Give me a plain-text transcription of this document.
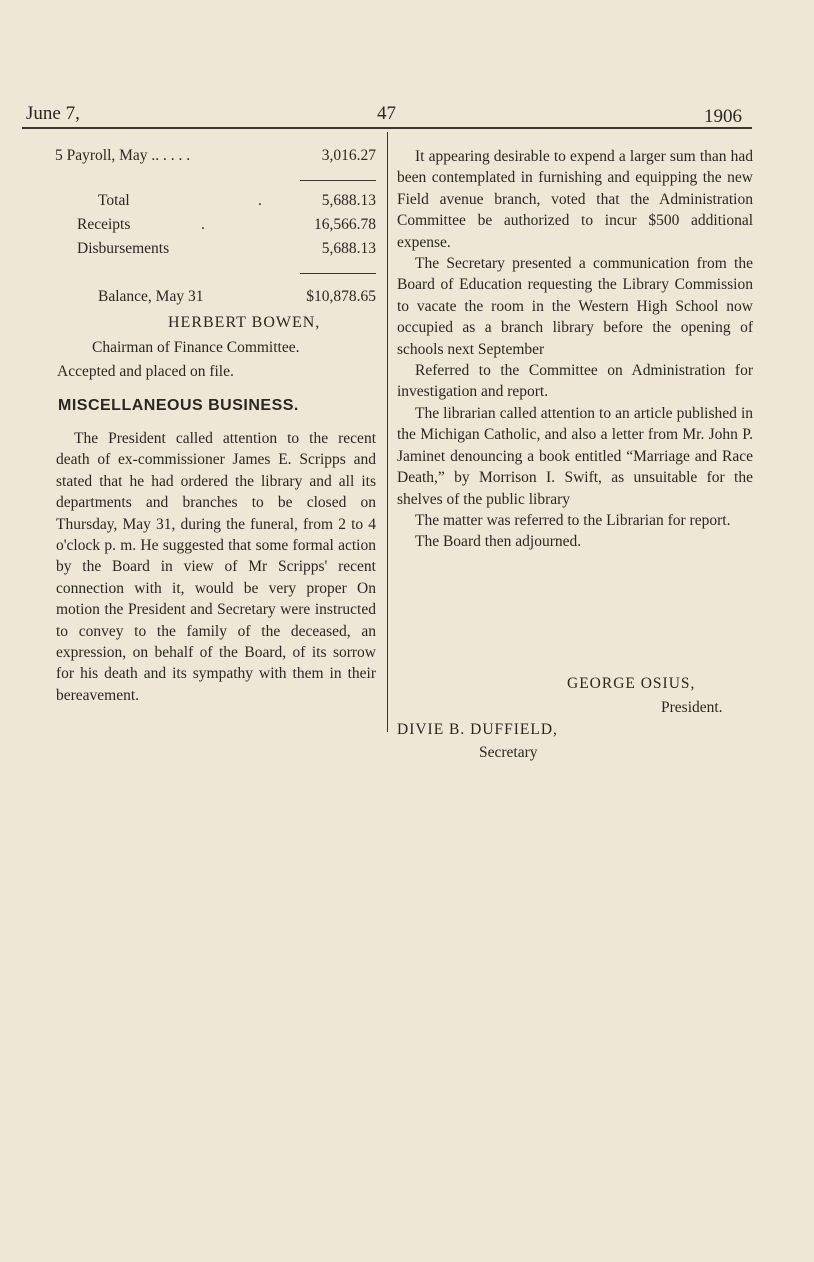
June 7,	47	1906
5 Payroll, May .. . . . .	3,016.27
Total	.	5,688.13
Receipts	.	16,566.78
Disbursements	5,688.13
Balance, May 31	$10,878.65
HERBERT BOWEN,
Chairman of Finance Committee.
Accepted and placed on file.
MISCELLANEOUS BUSINESS.

The President called attention to the recent death of ex-commissioner James E. Scripps and stated that he had ordered the library and all its departments and branches to be closed on Thursday, May 31, during the funeral, from 2 to 4 o'clock p. m. He suggested that some formal action by the Board in view of Mr Scripps' recent connection with it, would be very proper On motion the President and Secretary were instructed to convey to the family of the deceased, an expression, on behalf of the Board, of its sorrow for his death and its sympathy with them in their bereavement.

It appearing desirable to expend a larger sum than had been contemplated in furnishing and equipping the new Field avenue branch, voted that the Administration Committee be authorized to incur $500 additional expense.

The Secretary presented a communication from the Board of Education requesting the Library Commission to vacate the room in the Western High School now occupied as a branch library before the opening of schools next September

Referred to the Committee on Administration for investigation and report.

The librarian called attention to an article published in the Michigan Catholic, and also a letter from Mr. John P. Jaminet denouncing a book entitled “Marriage and Race Death,” by Morrison I. Swift, as unsuitable for the shelves of the public library

The matter was referred to the Librarian for report.

The Board then adjourned.

GEORGE OSIUS,
President.
DIVIE B. DUFFIELD,
Secretary
